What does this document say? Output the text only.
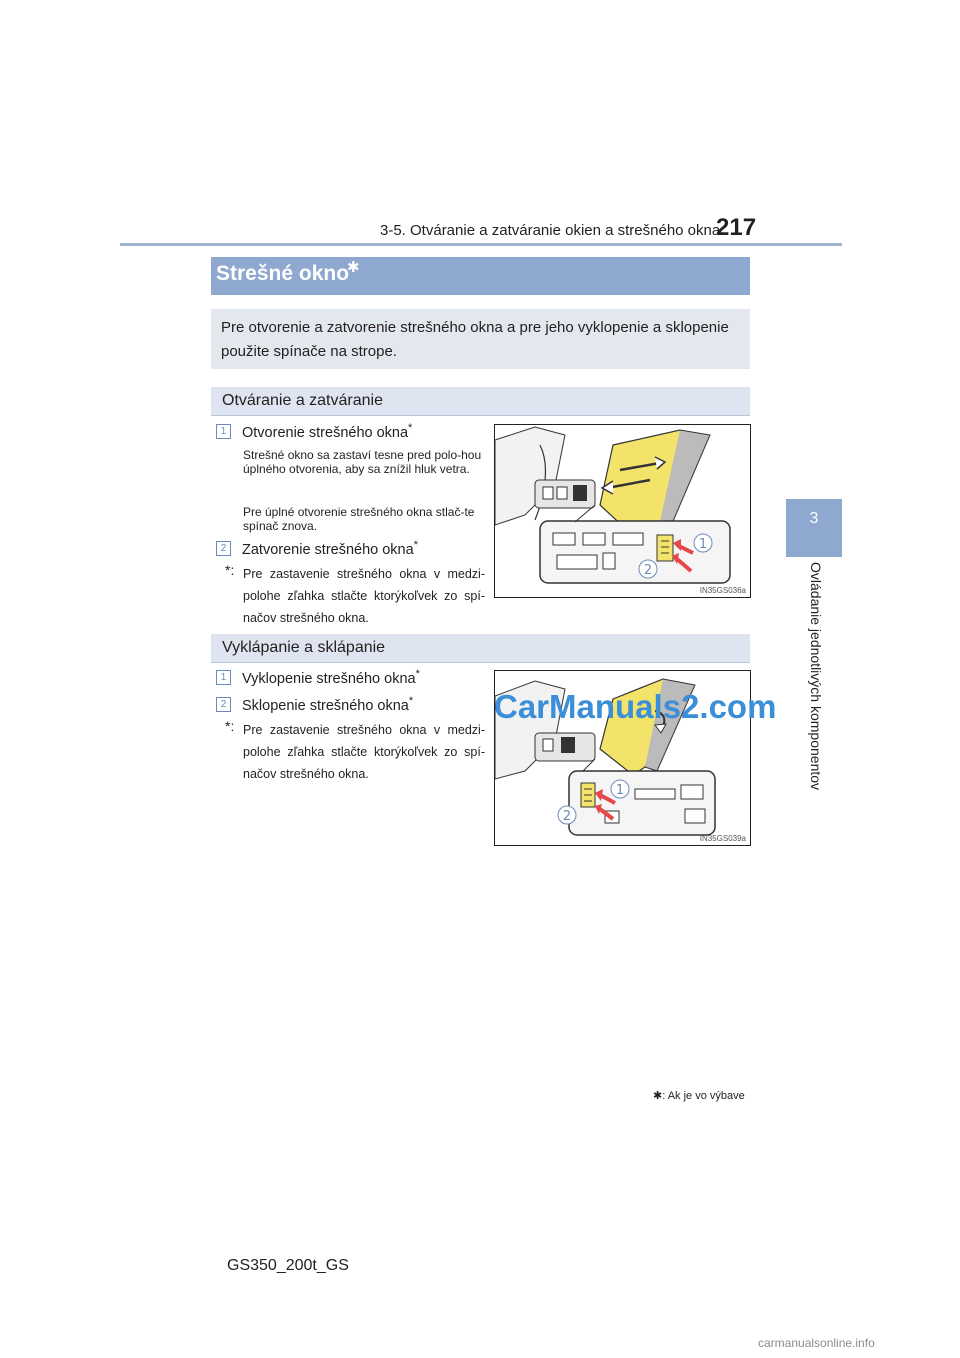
3-5. Otváranie a zatváranie okien a strešného okna
217
3
Ovládanie jednotlivých komponentov
Strešné okno
✱
Pre otvorenie a zatvorenie strešného okna a pre jeho vyklopenie a sklopenie použite spínače na strope.
Otváranie a zatváranie
1	Otvorenie strešného okna*
Strešné okno sa zastaví tesne pred polo-hou úplného otvorenia, aby sa znížil hluk vetra.
Pre úplné otvorenie strešného okna stlač-te spínač znova.
2	Zatvorenie strešného okna*
*: Pre zastavenie strešného okna v medzi-polohe zľahka stlačte ktorýkoľvek zo spí-načov strešného okna.
1
2
IN35GS036a
Vyklápanie a sklápanie
1	Vyklopenie strešného okna*
2	Sklopenie strešného okna*
*: Pre zastavenie strešného okna v medzi-polohe zľahka stlačte ktorýkoľvek zo spí-načov strešného okna.
1
2
IN35GS039a
CarManuals2.com
✱: Ak je vo výbave
GS350_200t_GS
carmanualsonline.info
